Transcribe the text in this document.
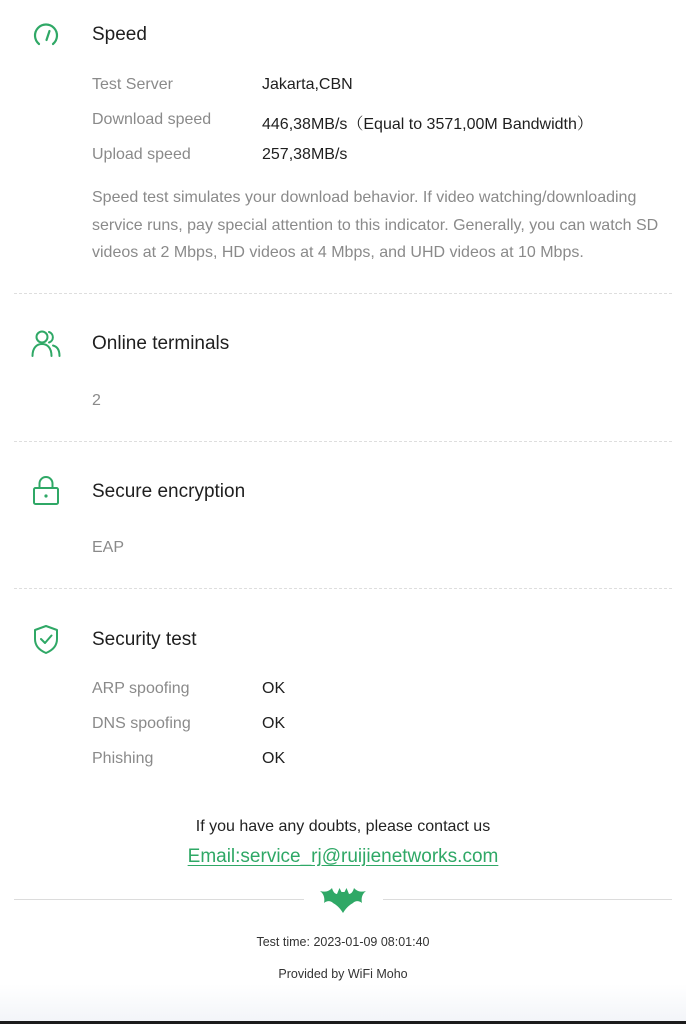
Speed
Test Server	Jakarta,CBN
Download speed	446,38MB/s（Equal to 3571,00M Bandwidth）
Upload speed	257,38MB/s
Speed test simulates your download behavior. If video watching/downloading service runs, pay special attention to this indicator. Generally, you can watch SD videos at 2 Mbps, HD videos at 4 Mbps, and UHD videos at 10 Mbps.
Online terminals
2
Secure encryption
EAP
Security test
ARP spoofing	OK
DNS spoofing	OK
Phishing	OK
If you have any doubts, please contact us
Email:service_rj@ruijienetworks.com
Test time: 2023-01-09 08:01:40
Provided by WiFi Moho
